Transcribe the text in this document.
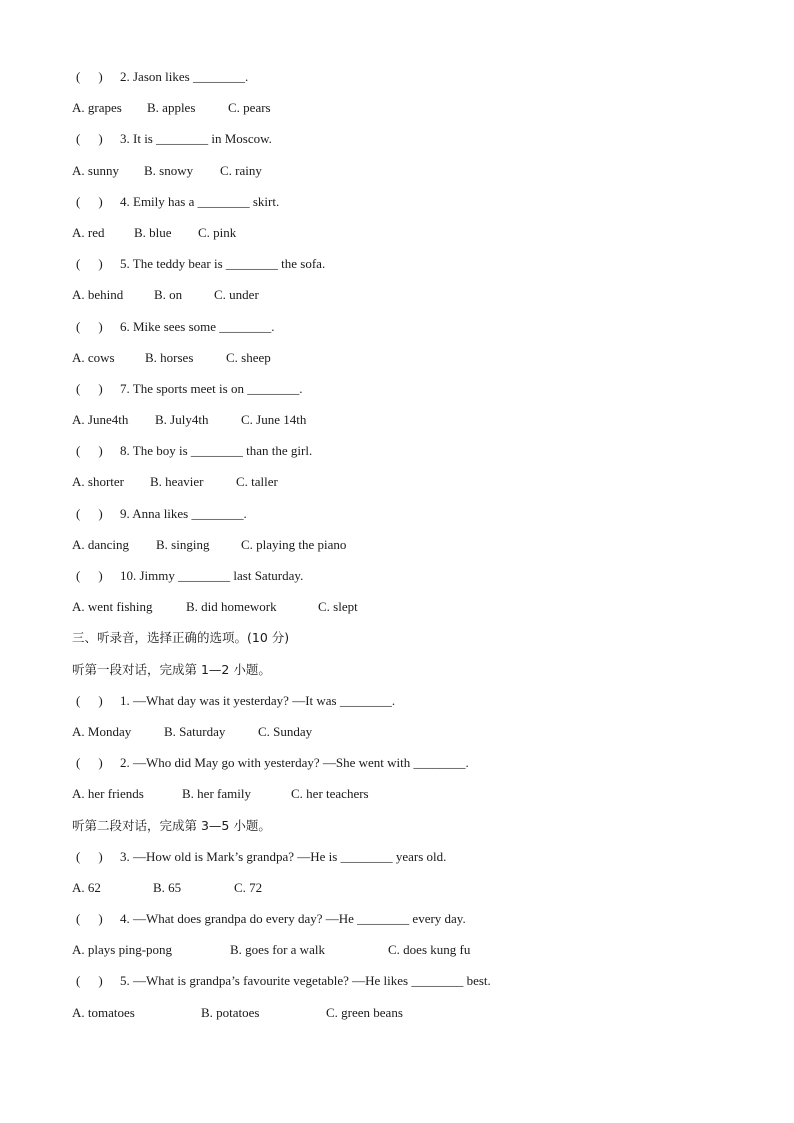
( ) 2. Jason likes ________.
A. grapes B. apples	C. pears
( ) 3. It is ________ in Moscow.
A. sunny B. snowy C. rainy
( ) 4. Emily has a ________ skirt.
A. red B. blue C. pink
( ) 5. The teddy bear is ________ the sofa.
A. behind B. on C. under
( ) 6. Mike sees some ________.
A. cows B. horses	C. sheep
( ) 7. The sports meet is on ________.
A. June4th B. July4th	C. June 14th
( ) 8. The boy is ________ than the girl.
A. shorter B. heavier	C. taller
( ) 9. Anna likes ________.
A. dancing B. singing C. playing the piano
( ) 10. Jimmy ________ last Saturday.
A. went fishing	B. did homework	C. slept
三、听录音，选择正确的选项。(10 分)
听第一段对话，完成第 1—2 小题。
( ) 1. —What day was it yesterday? —It was ________.
A. Monday	B. Saturday	C. Sunday
( ) 2. —Who did May go with yesterday? —She went with ________.
A. her friends	B. her family	C. her teachers
听第二段对话，完成第 3—5 小题。
( ) 3. —How old is Mark’s grandpa? —He is ________ years old.
A. 62	B. 65	C. 72
( ) 4. —What does grandpa do every day? —He ________ every day.
A. plays ping-pong	B. goes for a walk	C. does kung fu
( ) 5. —What is grandpa’s favourite vegetable? —He likes ________ best.
A. tomatoes	B. potatoes	C. green beans
